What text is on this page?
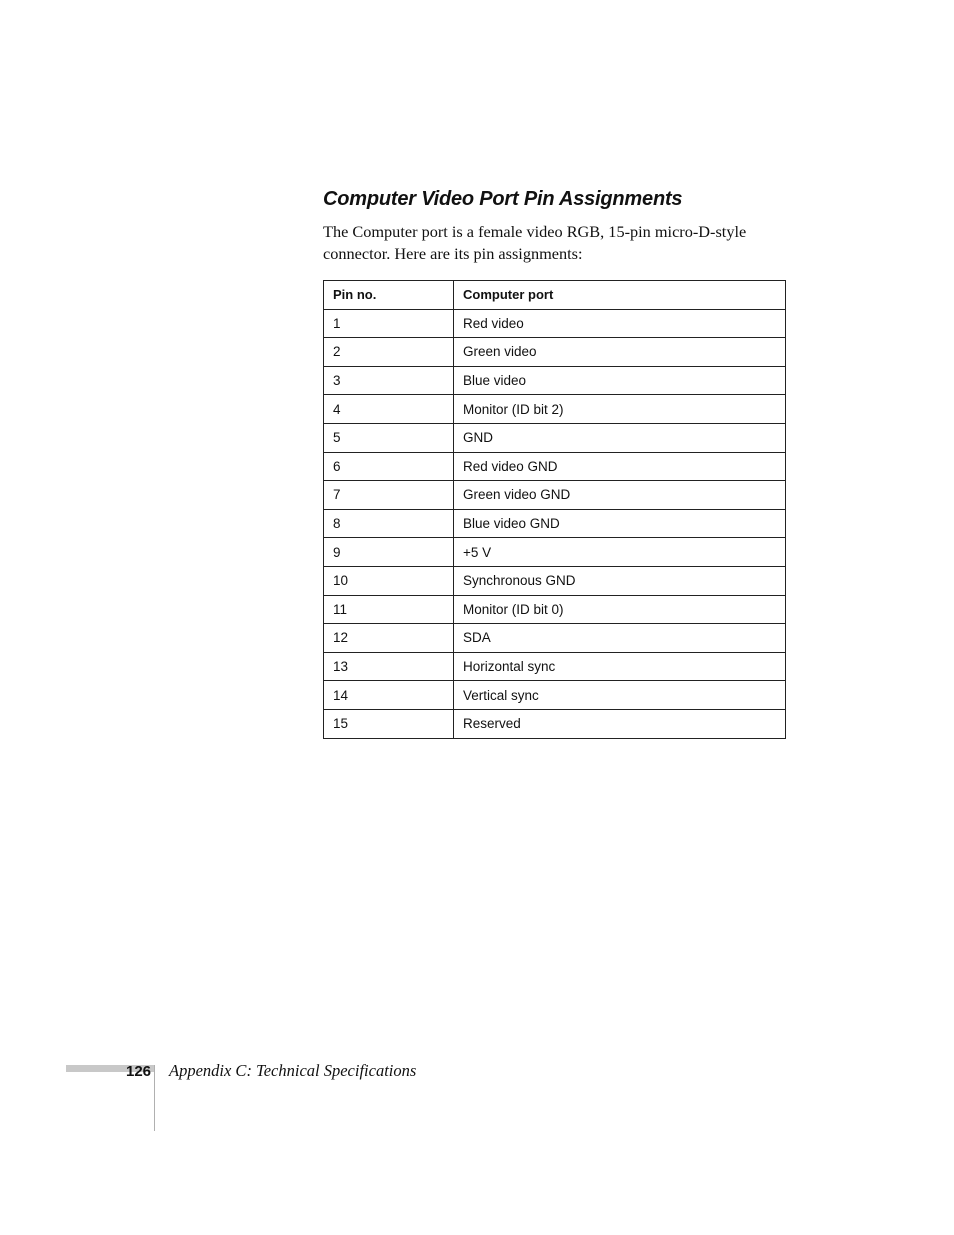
Computer Video Port Pin Assignments

The Computer port is a female video RGB, 15-pin micro-D-style connector. Here are its pin assignments:

Pin no.	Computer port
1	Red video
2	Green video
3	Blue video
4	Monitor (ID bit 2)
5	GND
6	Red video GND
7	Green video GND
8	Blue video GND
9	+5 V
10	Synchronous GND
11	Monitor (ID bit 0)
12	SDA
13	Horizontal sync
14	Vertical sync
15	Reserved
126 Appendix C: Technical Specifications
